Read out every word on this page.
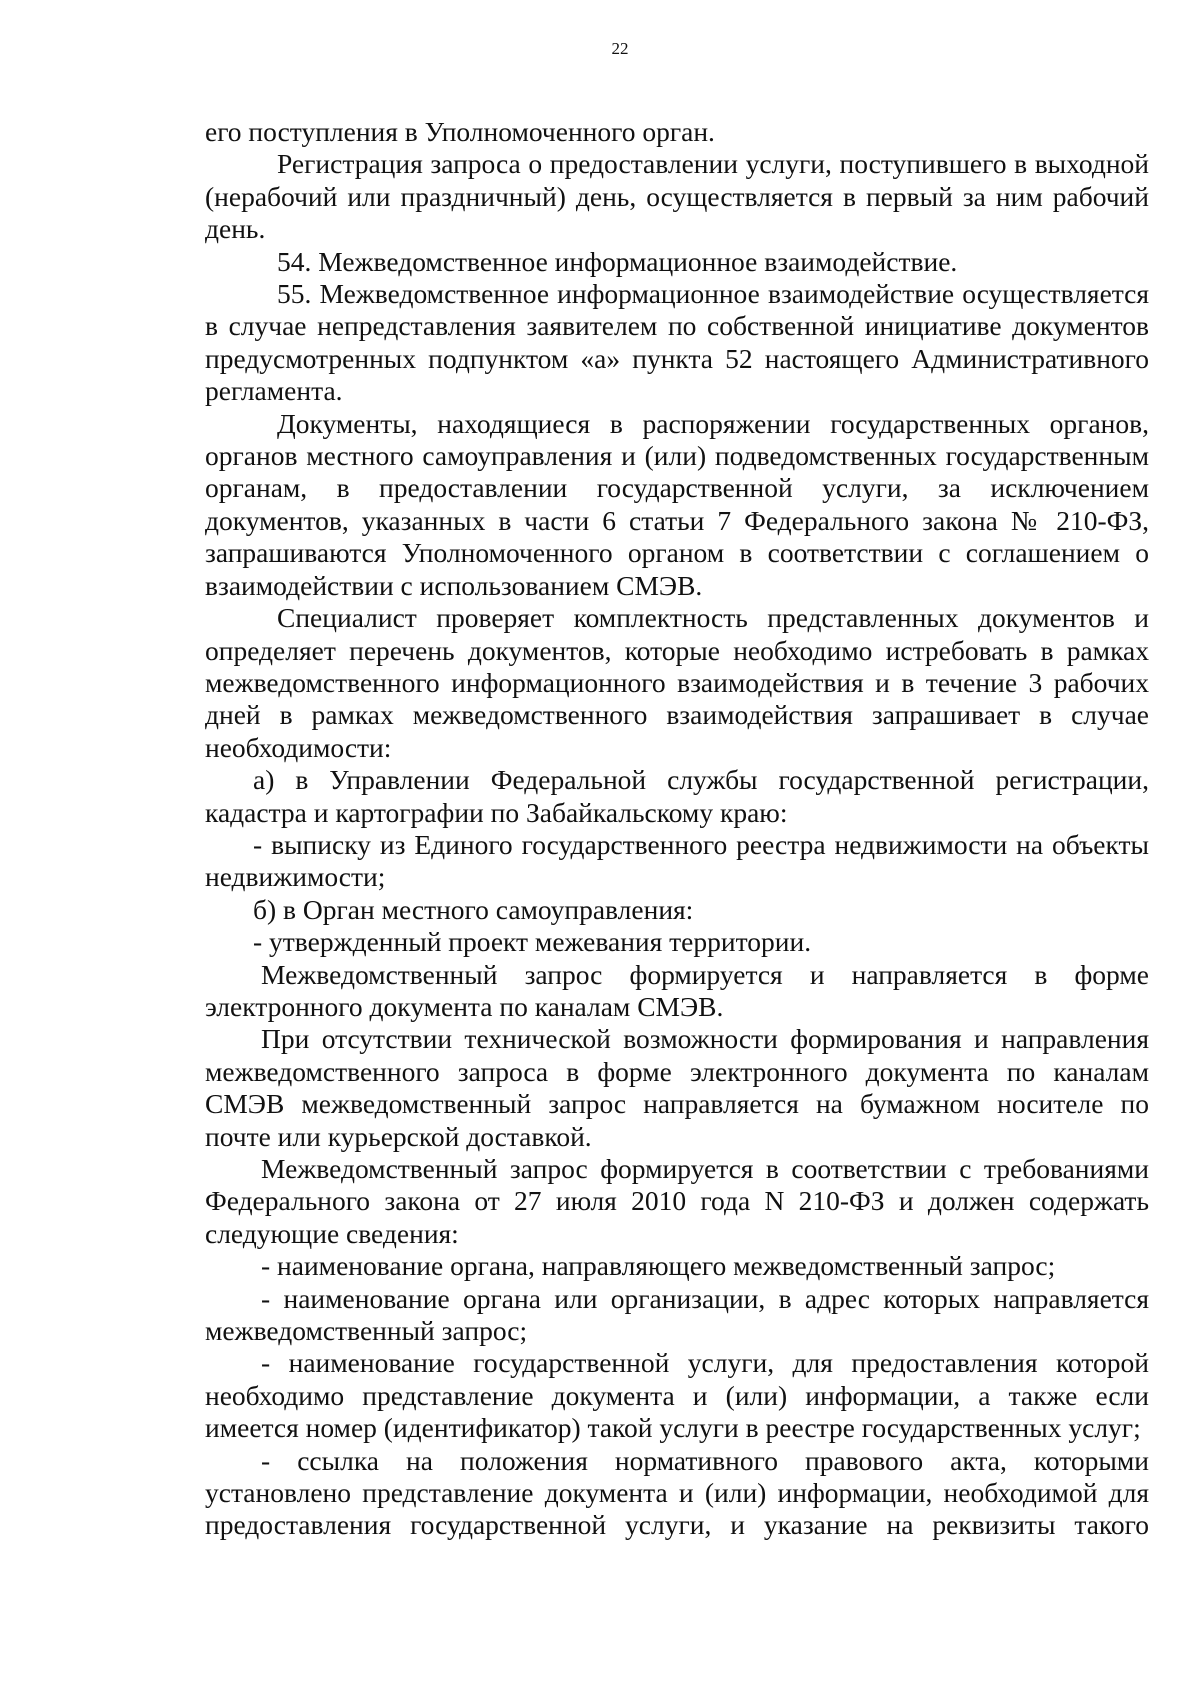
22

его поступления в Уполномоченного орган.

Регистрация запроса о предоставлении услуги, поступившего в выходной (нерабочий или праздничный) день, осуществляется в первый за ним рабочий день.

54. Межведомственное информационное взаимодействие.

55. Межведомственное информационное взаимодействие осуществляется в случае непредставления заявителем по собственной инициативе документов предусмотренных подпунктом «а» пункта 52 настоящего Административного регламента.

Документы, находящиеся в распоряжении государственных органов, органов местного самоуправления и (или) подведомственных государственным органам, в предоставлении государственной услуги, за исключением документов, указанных в части 6 статьи 7 Федерального закона № 210-ФЗ, запрашиваются Уполномоченного органом в соответствии с соглашением о взаимодействии с использованием СМЭВ.

Специалист проверяет комплектность представленных документов и определяет перечень документов, которые необходимо истребовать в рамках межведомственного информационного взаимодействия и в течение 3 рабочих дней в рамках межведомственного взаимодействия запрашивает в случае необходимости:

а) в Управлении Федеральной службы государственной регистрации, кадастра и картографии по Забайкальскому краю:

- выписку из Единого государственного реестра недвижимости на объекты недвижимости;

б) в Орган местного самоуправления:

- утвержденный проект межевания территории.

Межведомственный запрос формируется и направляется в форме электронного документа по каналам СМЭВ.

При отсутствии технической возможности формирования и направления межведомственного запроса в форме электронного документа по каналам СМЭВ межведомственный запрос направляется на бумажном носителе по почте или курьерской доставкой.

Межведомственный запрос формируется в соответствии с требованиями Федерального закона от 27 июля 2010 года N 210-ФЗ и должен содержать следующие сведения:

- наименование органа, направляющего межведомственный запрос;

- наименование органа или организации, в адрес которых направляется межведомственный запрос;

- наименование государственной услуги, для предоставления которой необходимо представление документа и (или) информации, а также если имеется номер (идентификатор) такой услуги в реестре государственных услуг;

- ссылка на положения нормативного правового акта, которыми установлено представление документа и (или) информации, необходимой для предоставления государственной услуги, и указание на реквизиты такого
